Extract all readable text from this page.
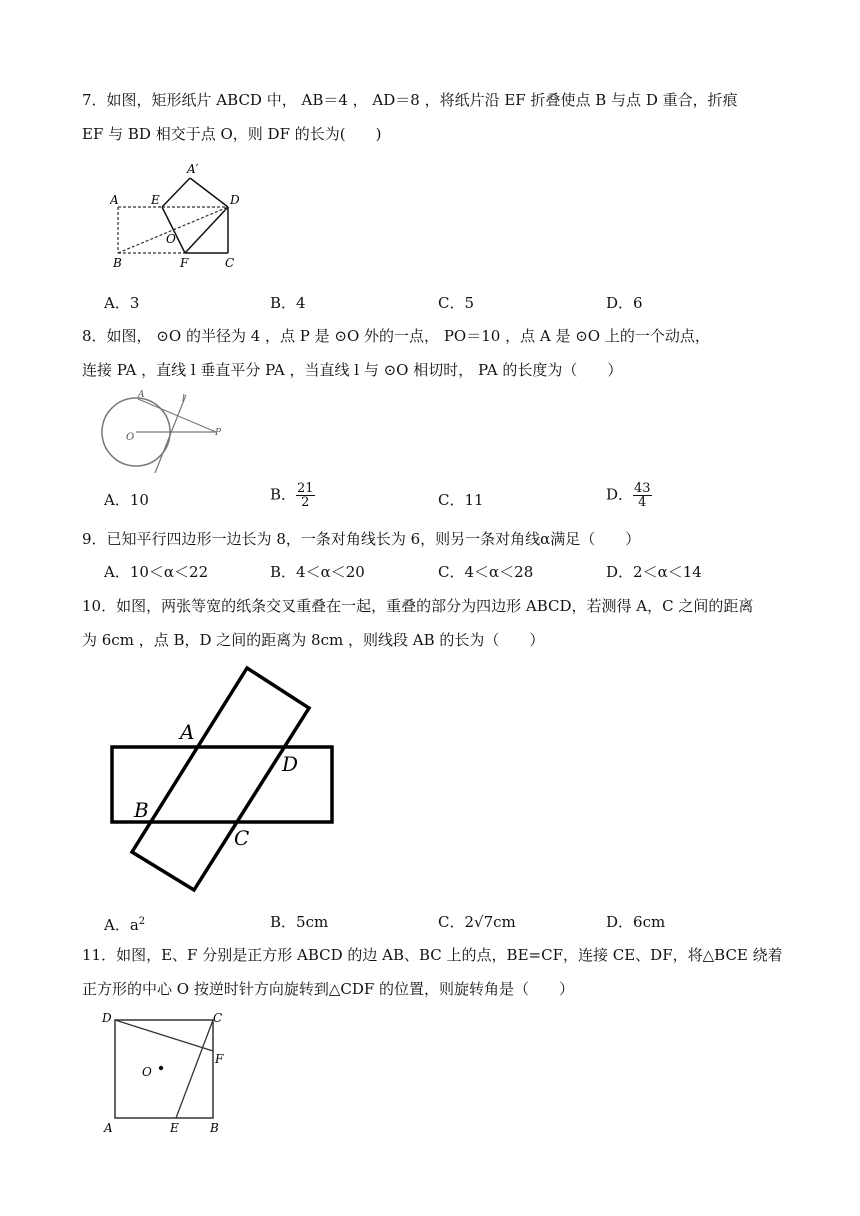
7．如图，矩形纸片 ABCD 中， AB＝4 ， AD＝8 ，将纸片沿 EF 折叠使点 B 与点 D 重合，折痕
EF 与 BD 相交于点 O，则 DF 的长为(　　)
A
A′
E	D
O
B	F	C
A．3	B．4	C．5	D．6
8．如图， ⊙O 的半径为 4 ，点 P 是 ⊙O 外的一点， PO＝10 ，点 A 是 ⊙O 上的一个动点，
连接 PA ，直线 l 垂直平分 PA ，当直线 l 与 ⊙O 相切时， PA 的长度为（　　）
A	l
O	P
A．10	B． $\frac{21}{2}$	C．11	D． $\frac{43}{4}$
9．已知平行四边形一边长为 8，一条对角线长为 6，则另一条对角线α满足（　　）
A．10＜α＜22	B．4＜α＜20	C．4＜α＜28	D．2＜α＜14
10．如图，两张等宽的纸条交叉重叠在一起，重叠的部分为四边形 ABCD，若测得 A，C 之间的距离
为 6cm ，点 B，D 之间的距离为 8cm ，则线段 AB 的长为（　　）
A
D
B
C
A．$a^2$	B．5cm	C．2√7cm	D．6cm
11．如图，E、F 分别是正方形 ABCD 的边 AB、BC 上的点，BE=CF，连接 CE、DF，将△BCE 绕着
正方形的中心 O 按逆时针方向旋转到△CDF 的位置，则旋转角是（　　）
D	C
F
O
A	E	B
